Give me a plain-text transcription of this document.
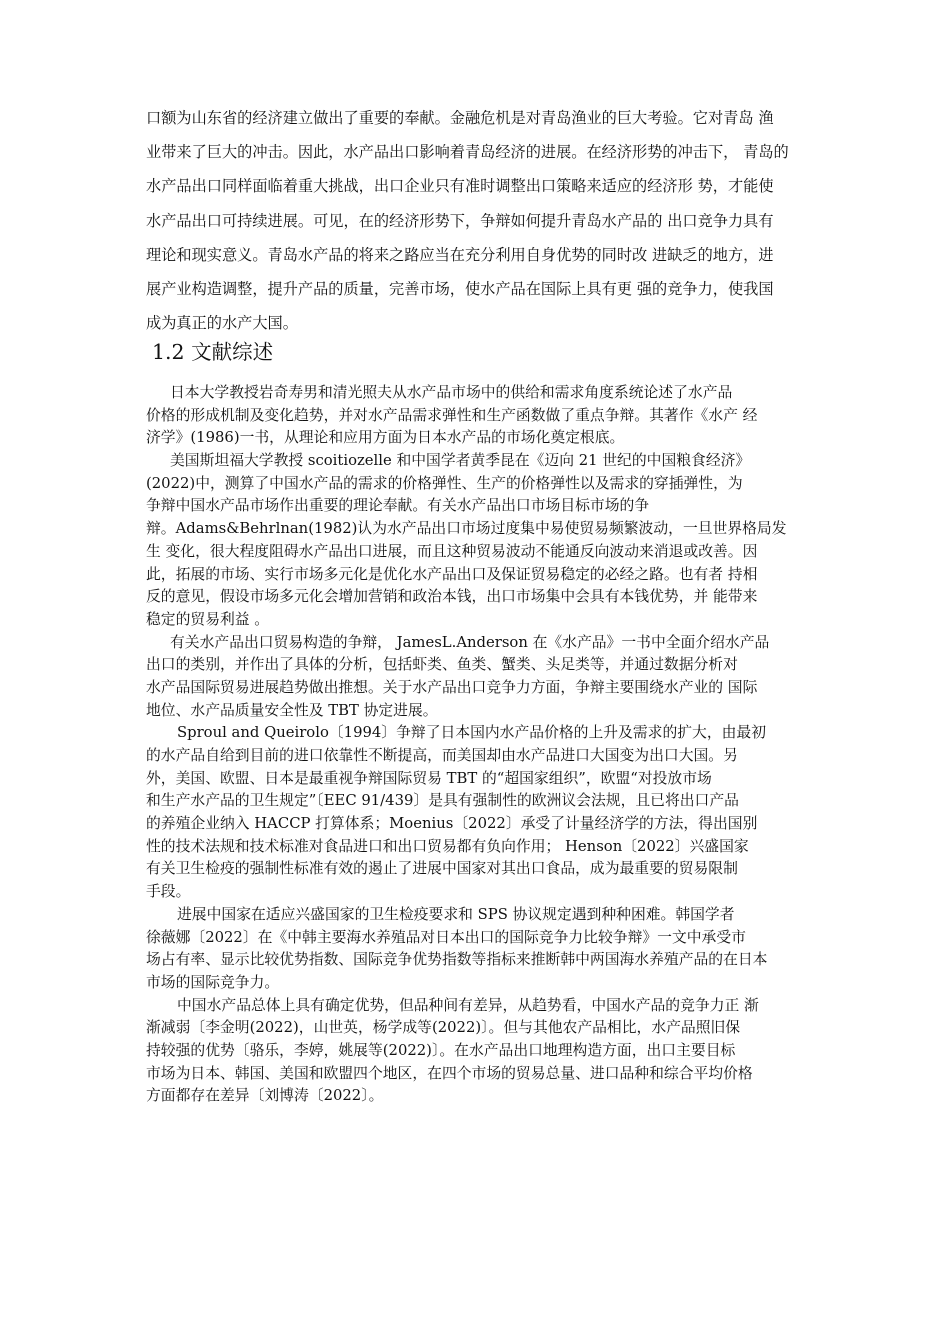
口额为山东省的经济建立做出了重要的奉献。金融危机是对青岛渔业的巨大考验。它对青岛 渔
业带来了巨大的冲击。因此，水产品出口影响着青岛经济的进展。在经济形势的冲击下， 青岛的
水产品出口同样面临着重大挑战，出口企业只有准时调整出口策略来适应的经济形 势，才能使
水产品出口可持续进展。可见，在的经济形势下，争辩如何提升青岛水产品的 出口竞争力具有
理论和现实意义。青岛水产品的将来之路应当在充分利用自身优势的同时改 进缺乏的地方，进
展产业构造调整，提升产品的质量，完善市场，使水产品在国际上具有更 强的竞争力，使我国
成为真正的水产大国。
1.2 文献综述
日本大学教授岩奇寿男和清光照夫从水产品市场中的供给和需求角度系统论述了水产品
价格的形成机制及变化趋势，并对水产品需求弹性和生产函数做了重点争辩。其著作《水产 经
济学》(1986)一书，从理论和应用方面为日本水产品的市场化奠定根底。
美国斯坦福大学教授 scoitiozelle 和中国学者黄季昆在《迈向 21 世纪的中国粮食经济》
(2022)中，测算了中国水产品的需求的价格弹性、生产的价格弹性以及需求的穿插弹性，为
争辩中国水产品市场作出重要的理论奉献。有关水产品出口市场目标市场的争
辩。Adams&Behrlnan(1982)认为水产品出口市场过度集中易使贸易频繁波动，一旦世界格局发
生 变化，很大程度阻碍水产品出口进展，而且这种贸易波动不能通反向波动来消退或改善。因
此，拓展的市场、实行市场多元化是优化水产品出口及保证贸易稳定的必经之路。也有者 持相
反的意见，假设市场多元化会增加营销和政治本钱，出口市场集中会具有本钱优势，并 能带来
稳定的贸易利益 。
有关水产品出口贸易构造的争辩， JamesL.Anderson 在《水产品》一书中全面介绍水产品
出口的类别，并作出了具体的分析，包括虾类、鱼类、蟹类、头足类等，并通过数据分析对
水产品国际贸易进展趋势做出推想。关于水产品出口竞争力方面，争辩主要围绕水产业的 国际
地位、水产品质量安全性及 TBT 协定进展。
Sproul and Queirolo〔1994〕争辩了日本国内水产品价格的上升及需求的扩大，由最初
的水产品自给到目前的进口依靠性不断提高，而美国却由水产品进口大国变为出口大国。另
外，美国、欧盟、日本是最重视争辩国际贸易 TBT 的“超国家组织”，欧盟“对投放市场
和生产水产品的卫生规定”〔EEC 91/439〕是具有强制性的欧洲议会法规，且已将出口产品
的养殖企业纳入 HACCP 打算体系；Moenius〔2022〕承受了计量经济学的方法，得出国别
性的技术法规和技术标准对食品进口和出口贸易都有负向作用； Henson〔2022〕兴盛国家
有关卫生检疫的强制性标准有效的遏止了进展中国家对其出口食品，成为最重要的贸易限制
手段。
进展中国家在适应兴盛国家的卫生检疫要求和 SPS 协议规定遇到种种困难。韩国学者
徐薇娜〔2022〕在《中韩主要海水养殖品对日本出口的国际竞争力比较争辩》一文中承受市
场占有率、显示比较优势指数、国际竞争优势指数等指标来推断韩中两国海水养殖产品的在日本
市场的国际竞争力。
中国水产品总体上具有确定优势，但品种间有差异，从趋势看，中国水产品的竞争力正 渐
渐减弱〔李金明(2022)，山世英，杨学成等(2022)〕。但与其他农产品相比，水产品照旧保
持较强的优势〔骆乐，李婷，姚展等(2022)〕。在水产品出口地理构造方面，出口主要目标
市场为日本、韩国、美国和欧盟四个地区，在四个市场的贸易总量、进口品种和综合平均价格
方面都存在差异〔刘博涛〔2022〕。
